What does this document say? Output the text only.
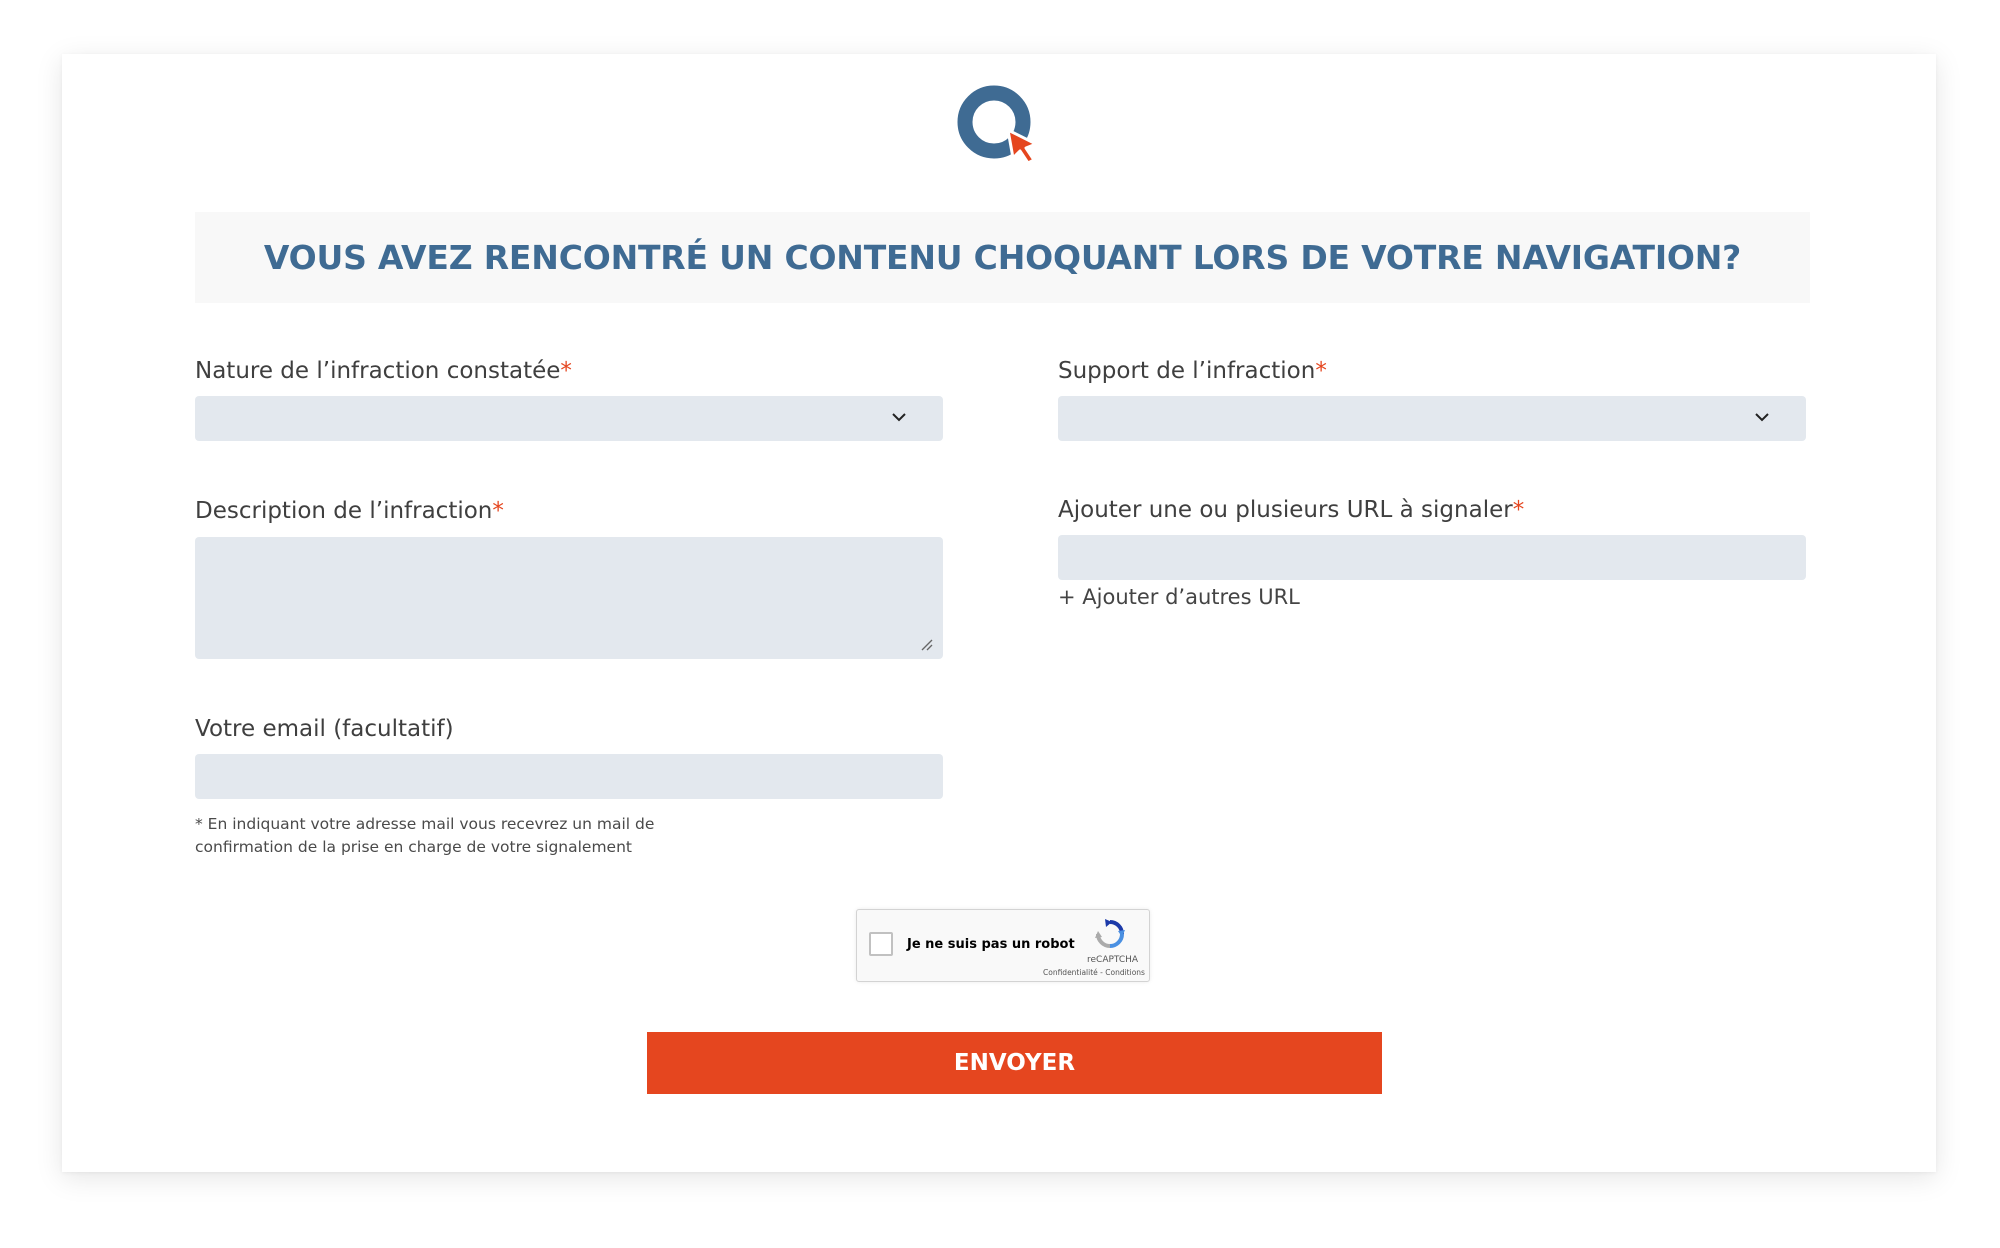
VOUS AVEZ RENCONTRÉ UN CONTENU CHOQUANT LORS DE VOTRE NAVIGATION?
Nature de l’infraction constatée*	Support de l’infraction*
Description de l’infraction*	Ajouter une ou plusieurs URL à signaler*
+ Ajouter d’autres URL
Votre email (facultatif)
* En indiquant votre adresse mail vous recevrez un mail de
confirmation de la prise en charge de votre signalement
Je ne suis pas un robot
reCAPTCHA
Confidentialité - Conditions
ENVOYER
